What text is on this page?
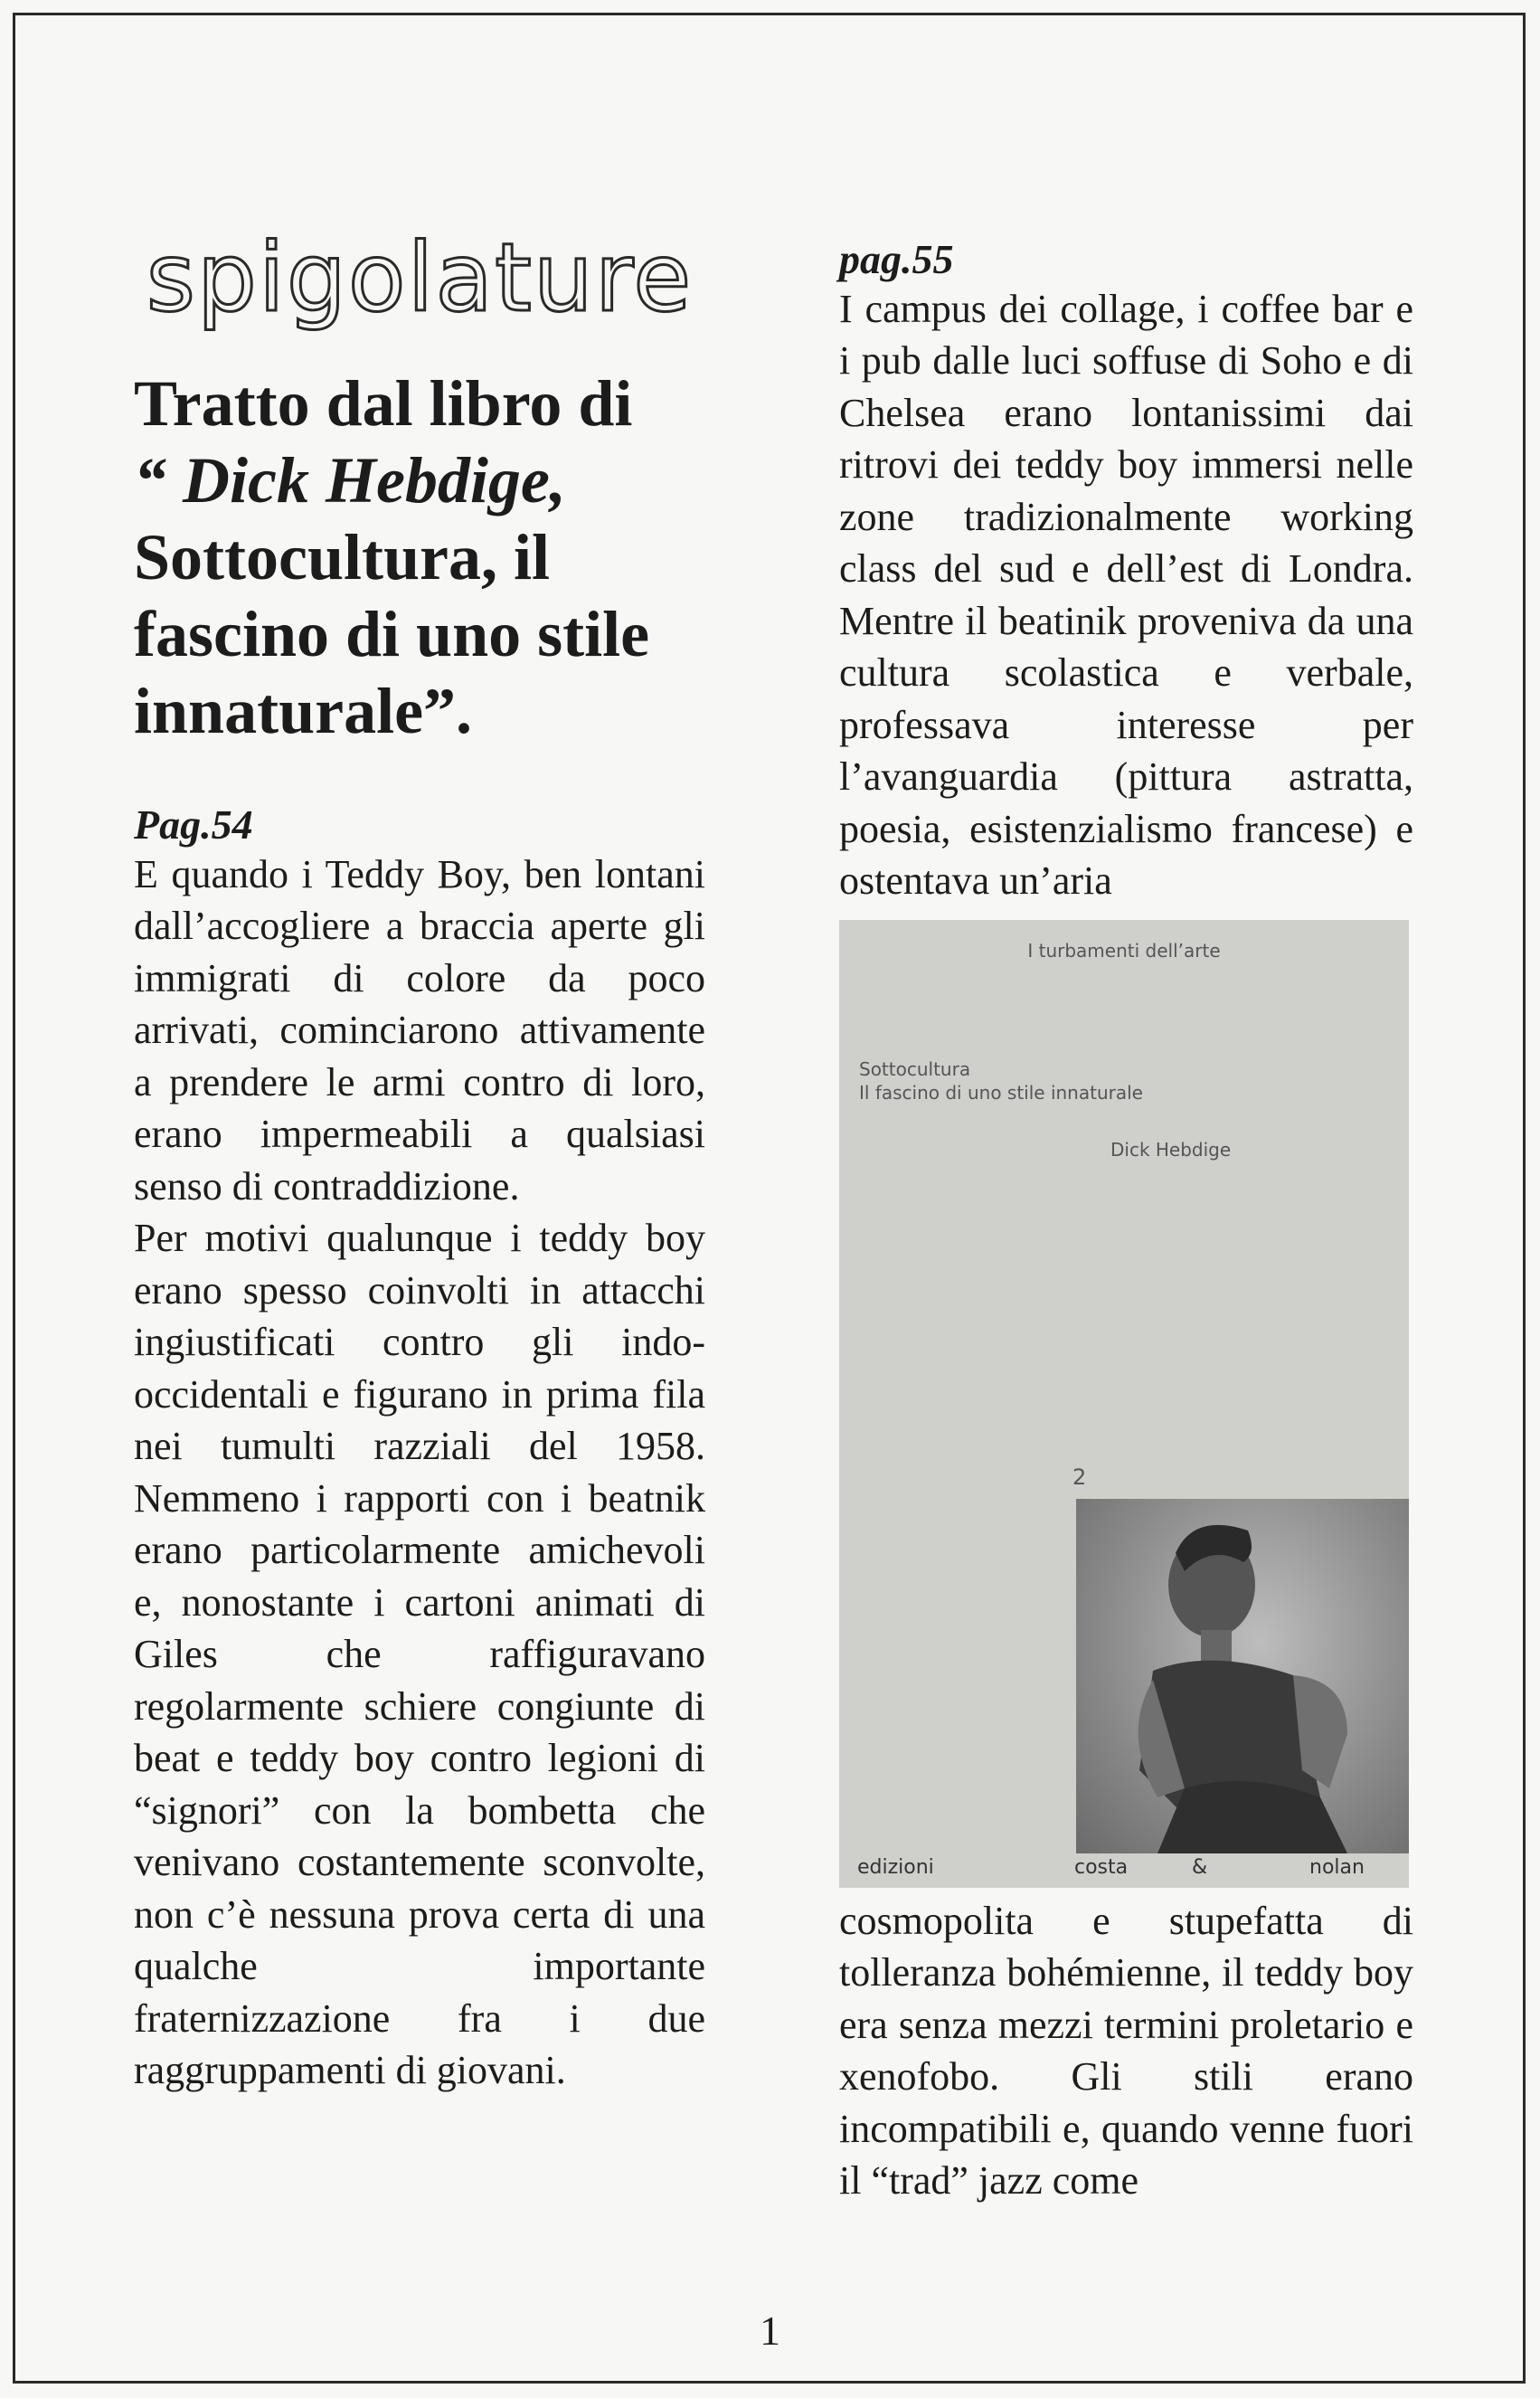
spigolature
Tratto dal libro di
“ Dick Hebdige,
Sottocultura, il
fascino di uno stile
innaturale”.
Pag.54

E quando i Teddy Boy, ben lontani dall’accogliere a braccia aperte gli immigrati di colore da poco arrivati, cominciarono attivamente a prendere le armi contro di loro, erano impermeabili a qualsiasi senso di contraddizione.

Per motivi qualunque i teddy boy erano spesso coinvolti in attacchi ingiustificati contro gli indo-occidentali e figurano in prima fila nei tumulti razziali del 1958. Nemmeno i rapporti con i beatnik erano particolarmente amichevoli e, nonostante i cartoni animati di Giles che raffiguravano regolarmente schiere congiunte di beat e teddy boy contro legioni di “signori” con la bombetta che venivano costantemente sconvolte, non c’è nessuna prova certa di una qualche importante fraternizzazione fra i due raggruppamenti di giovani.

pag.55

I campus dei collage, i coffee bar e i pub dalle luci soffuse di Soho e di Chelsea erano lontanissimi dai ritrovi dei teddy boy immersi nelle zone tradizionalmente working class del sud e dell’est di Londra. Mentre il beatinik proveniva da una cultura scolastica e verbale, professava interesse per l’avanguardia (pittura astratta, poesia, esistenzialismo francese) e ostentava un’aria

I turbamenti dell’arte
Sottocultura
Il fascino di uno stile innaturale
Dick Hebdige
2
edizioni	costa	&	nolan

cosmopolita e stupefatta di tolleranza bohémienne, il teddy boy era senza mezzi termini proletario e xenofobo. Gli stili erano incompatibili e, quando venne fuori il “trad” jazz come

1
